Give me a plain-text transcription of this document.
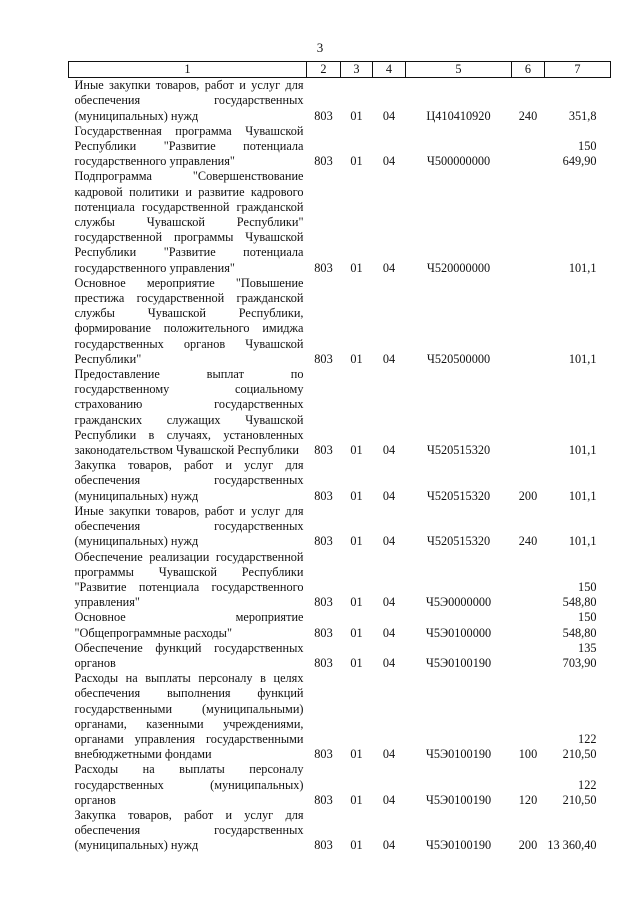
3
1	2	3	4	5	6	7
Иные закупки товаров, работ и услуг для обеспечения государственных (муниципальных) нужд	803	01	04	Ц410410920	240	351,8
Государственная программа Чувашской Республики "Развитие потенциала государственного управления"	803	01	04	Ч500000000		150 649,90
Подпрограмма "Совершенствование кадровой политики и развитие кадрового потенциала государственной гражданской службы Чувашской Республики" государственной программы Чувашской Республики "Развитие потенциала государственного управления"	803	01	04	Ч520000000		101,1
Основное мероприятие "Повышение престижа государственной гражданской службы Чувашской Республики, формирование положительного имиджа государственных органов Чувашской Республики"	803	01	04	Ч520500000		101,1
Предоставление выплат по государственному социальному страхованию государственных гражданских служащих Чувашской Республики в случаях, установленных законодательством Чувашской Республики	803	01	04	Ч520515320		101,1
Закупка товаров, работ и услуг для обеспечения государственных (муниципальных) нужд	803	01	04	Ч520515320	200	101,1
Иные закупки товаров, работ и услуг для обеспечения государственных (муниципальных) нужд	803	01	04	Ч520515320	240	101,1
Обеспечение реализации государственной программы Чувашской Республики "Развитие потенциала государственного управления"	803	01	04	Ч5Э0000000		150 548,80
Основное мероприятие "Общепрограммные расходы"	803	01	04	Ч5Э0100000		150 548,80
Обеспечение функций государственных органов	803	01	04	Ч5Э0100190		135 703,90
Расходы на выплаты персоналу в целях обеспечения выполнения функций государственными (муниципальными) органами, казенными учреждениями, органами управления государственными внебюджетными фондами	803	01	04	Ч5Э0100190	100	122 210,50
Расходы на выплаты персоналу государственных (муниципальных) органов	803	01	04	Ч5Э0100190	120	122 210,50
Закупка товаров, работ и услуг для обеспечения государственных (муниципальных) нужд	803	01	04	Ч5Э0100190	200	13 360,40
